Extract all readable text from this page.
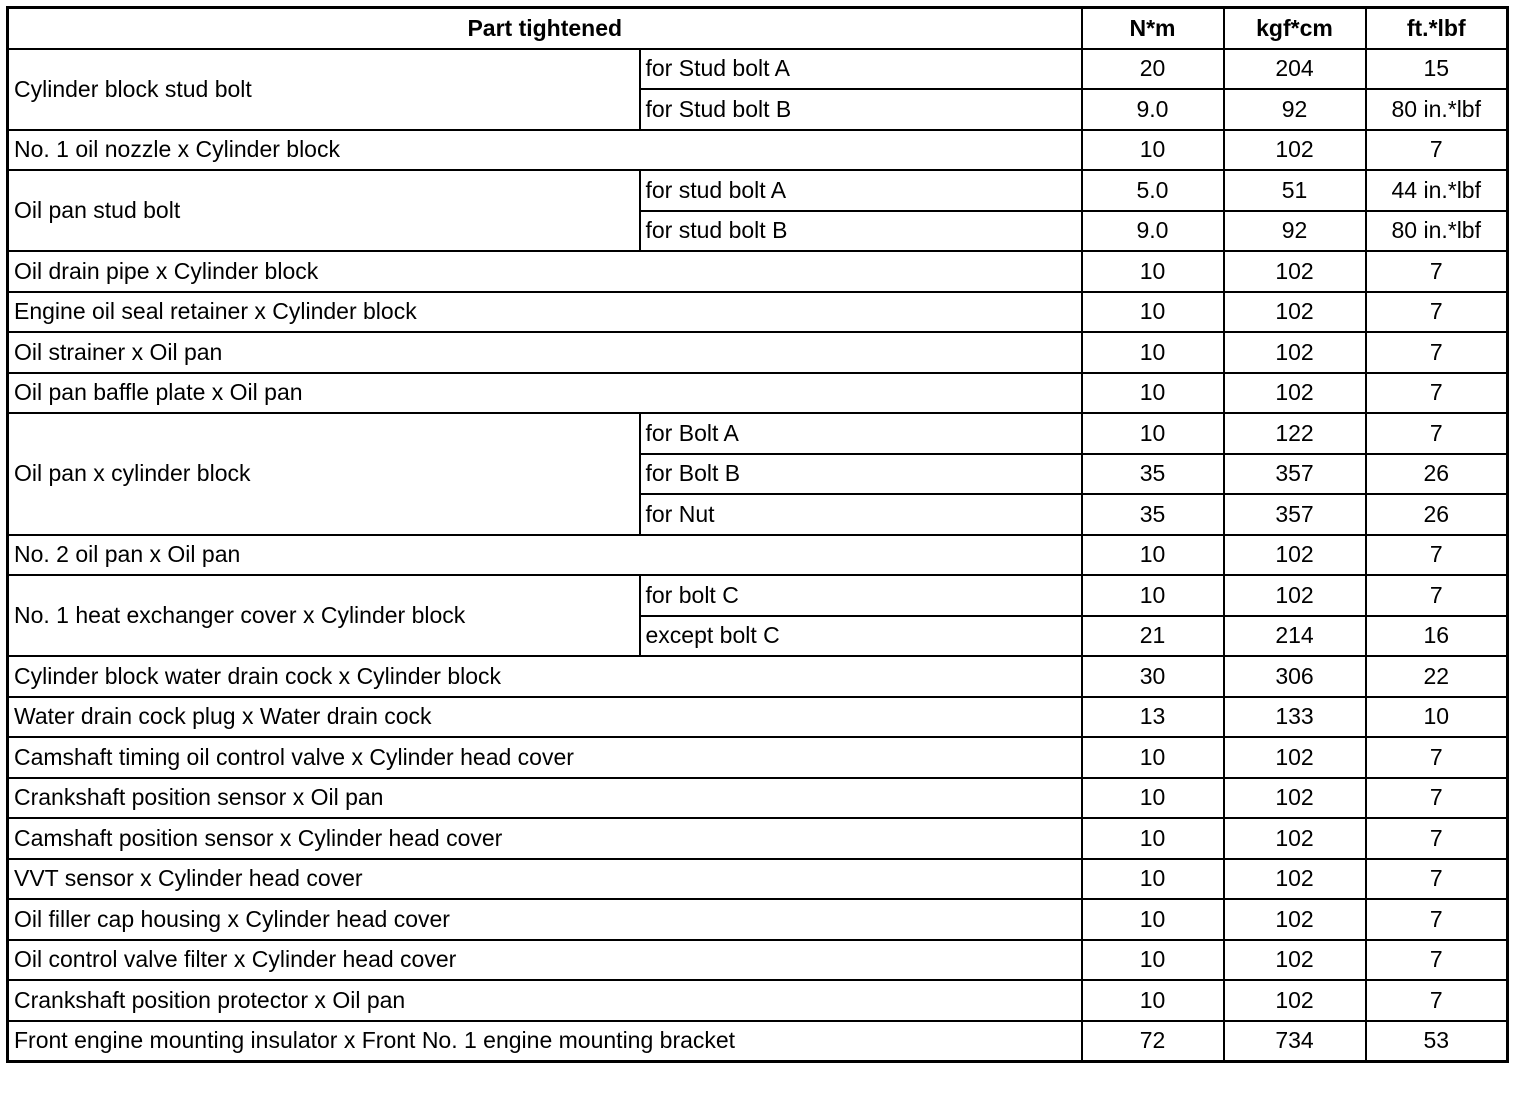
Part tightened		N*m	kgf*cm	ft.*lbf
Cylinder block stud bolt	for Stud bolt A	20	204	15
	for Stud bolt B	9.0	92	80 in.*lbf
No. 1 oil nozzle x Cylinder block		10	102	7
Oil pan stud bolt	for stud bolt A	5.0	51	44 in.*lbf
	for stud bolt B	9.0	92	80 in.*lbf
Oil drain pipe x Cylinder block		10	102	7
Engine oil seal retainer x Cylinder block		10	102	7
Oil strainer x Oil pan		10	102	7
Oil pan baffle plate x Oil pan		10	102	7
Oil pan x cylinder block	for Bolt A	10	122	7
	for Bolt B	35	357	26
	for Nut	35	357	26
No. 2 oil pan x Oil pan		10	102	7
No. 1 heat exchanger cover x Cylinder block	for bolt C	10	102	7
	except bolt C	21	214	16
Cylinder block water drain cock x Cylinder block		30	306	22
Water drain cock plug x Water drain cock		13	133	10
Camshaft timing oil control valve x Cylinder head cover		10	102	7
Crankshaft position sensor x Oil pan		10	102	7
Camshaft position sensor x Cylinder head cover		10	102	7
VVT sensor x Cylinder head cover		10	102	7
Oil filler cap housing x Cylinder head cover		10	102	7
Oil control valve filter x Cylinder head cover		10	102	7
Crankshaft position protector x Oil pan		10	102	7
Front engine mounting insulator x Front No. 1 engine mounting bracket		72	734	53
